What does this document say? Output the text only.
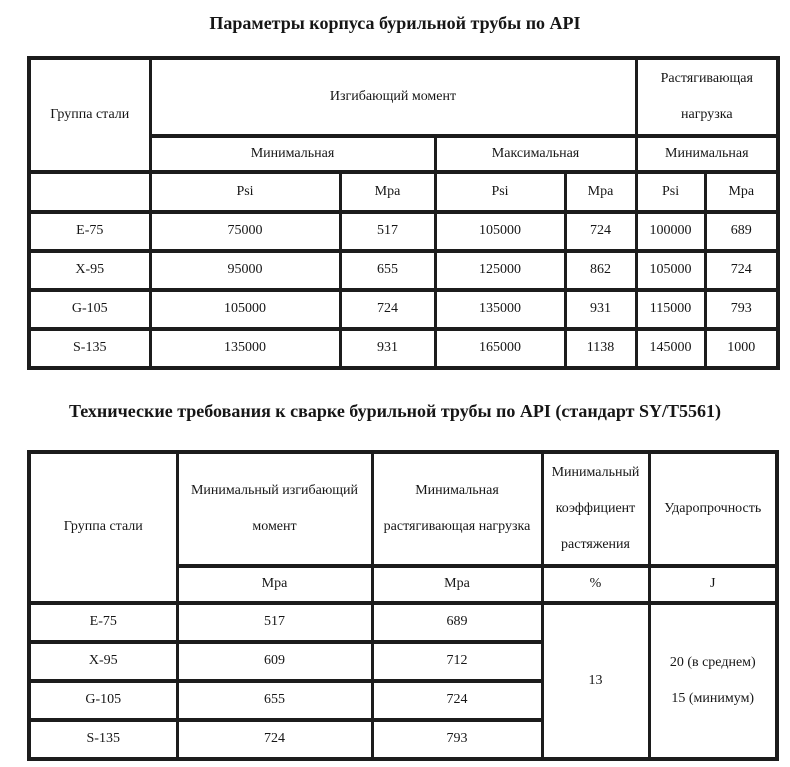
Параметры корпуса бурильной трубы по API
Группа стали	Изгибающий момент				Растягивающая нагрузка	
	Минимальная		Максимальная		Минимальная	
	Psi	Mpa	Psi	Mpa	Psi	Mpa
E-75	75000	517	105000	724	100000	689
X-95	95000	655	125000	862	105000	724
G-105	105000	724	135000	931	115000	793
S-135	135000	931	165000	1138	145000	1000
Технические требования к сварке бурильной трубы по API (стандарт SY/T5561)
Группа стали	Минимальный изгибающий момент	Минимальная растягивающая нагрузка	Минимальный коэффициент растяжения	Ударопрочность
	Mpa	Mpa	%	J
E-75	517	689	13	20 (в среднем)
15 (минимум)

X-95	609	712		
G-105	655	724		
S-135	724	793		
